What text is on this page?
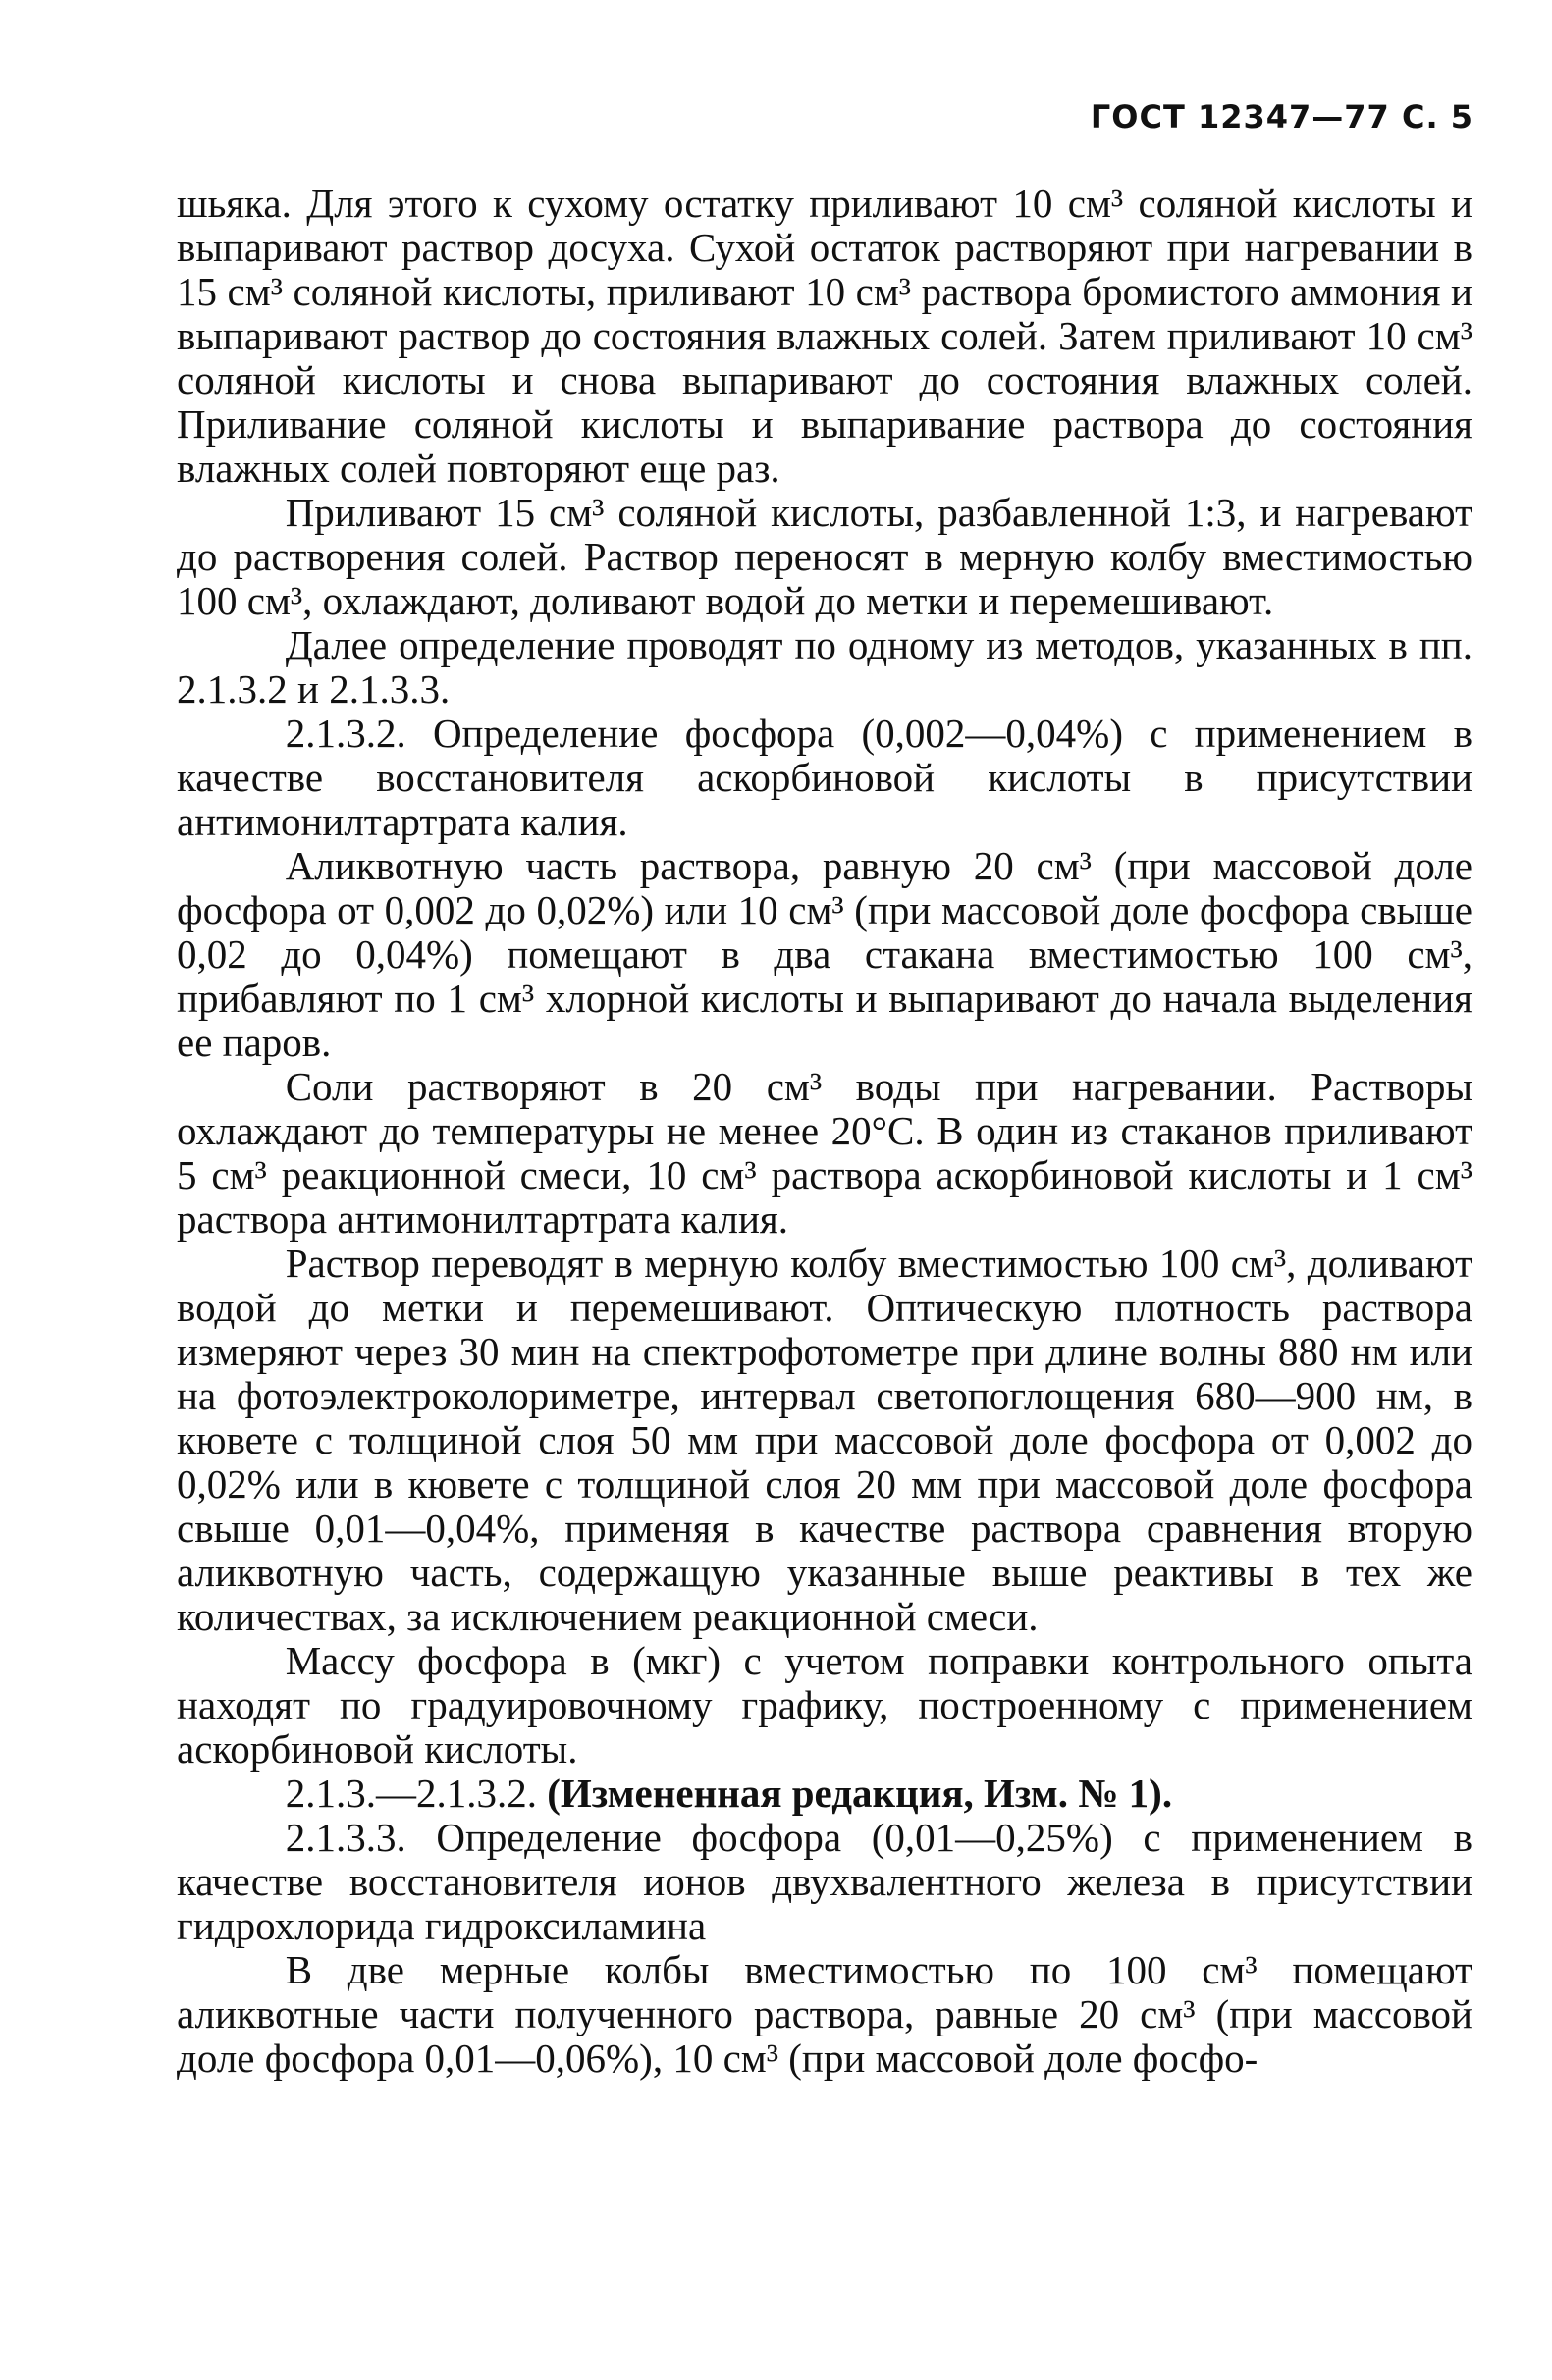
ГОСТ 12347—77 С. 5

шьяка. Для этого к сухому остатку приливают 10 см³ соляной кислоты и выпаривают раствор досуха. Сухой остаток растворяют при нагревании в 15 см³ соляной кислоты, приливают 10 см³ раствора бромистого аммония и выпаривают раствор до состояния влажных солей. Затем приливают 10 см³ соляной кислоты и снова выпаривают до состояния влажных солей. Приливание соляной кислоты и выпаривание раствора до состояния влажных солей повторяют еще раз.

Приливают 15 см³ соляной кислоты, разбавленной 1:3, и нагревают до растворения солей. Раствор переносят в мерную колбу вместимостью 100 см³, охлаждают, доливают водой до метки и перемешивают.

Далее определение проводят по одному из методов, указанных в пп. 2.1.3.2 и 2.1.3.3.

2.1.3.2. Определение фосфора (0,002—0,04%) с применением в качестве восстановителя аскорбиновой кислоты в присутствии антимонилтартрата калия.

Аликвотную часть раствора, равную 20 см³ (при массовой доле фосфора от 0,002 до 0,02%) или 10 см³ (при массовой доле фосфора свыше 0,02 до 0,04%) помещают в два стакана вместимостью 100 см³, прибавляют по 1 см³ хлорной кислоты и выпаривают до начала выделения ее паров.

Соли растворяют в 20 см³ воды при нагревании. Растворы охлаждают до температуры не менее 20°С. В один из стаканов приливают 5 см³ реакционной смеси, 10 см³ раствора аскорбиновой кислоты и 1 см³ раствора антимонилтартрата калия.

Раствор переводят в мерную колбу вместимостью 100 см³, доливают водой до метки и перемешивают. Оптическую плотность раствора измеряют через 30 мин на спектрофотометре при длине волны 880 нм или на фотоэлектроколориметре, интервал светопоглощения 680—900 нм, в кювете с толщиной слоя 50 мм при массовой доле фосфора от 0,002 до 0,02% или в кювете с толщиной слоя 20 мм при массовой доле фосфора свыше 0,01—0,04%, применяя в качестве раствора сравнения вторую аликвотную часть, содержащую указанные выше реактивы в тех же количествах, за исключением реакционной смеси.

Массу фосфора в (мкг) с учетом поправки контрольного опыта находят по градуировочному графику, построенному с применением аскорбиновой кислоты.

2.1.3.—2.1.3.2. (Измененная редакция, Изм. № 1).

2.1.3.3. Определение фосфора (0,01—0,25%) с применением в качестве восстановителя ионов двухвалентного железа в присутствии гидрохлорида гидроксиламина

В две мерные колбы вместимостью по 100 см³ помещают аликвотные части полученного раствора, равные 20 см³ (при массовой доле фосфора 0,01—0,06%), 10 см³ (при массовой доле фосфо-
